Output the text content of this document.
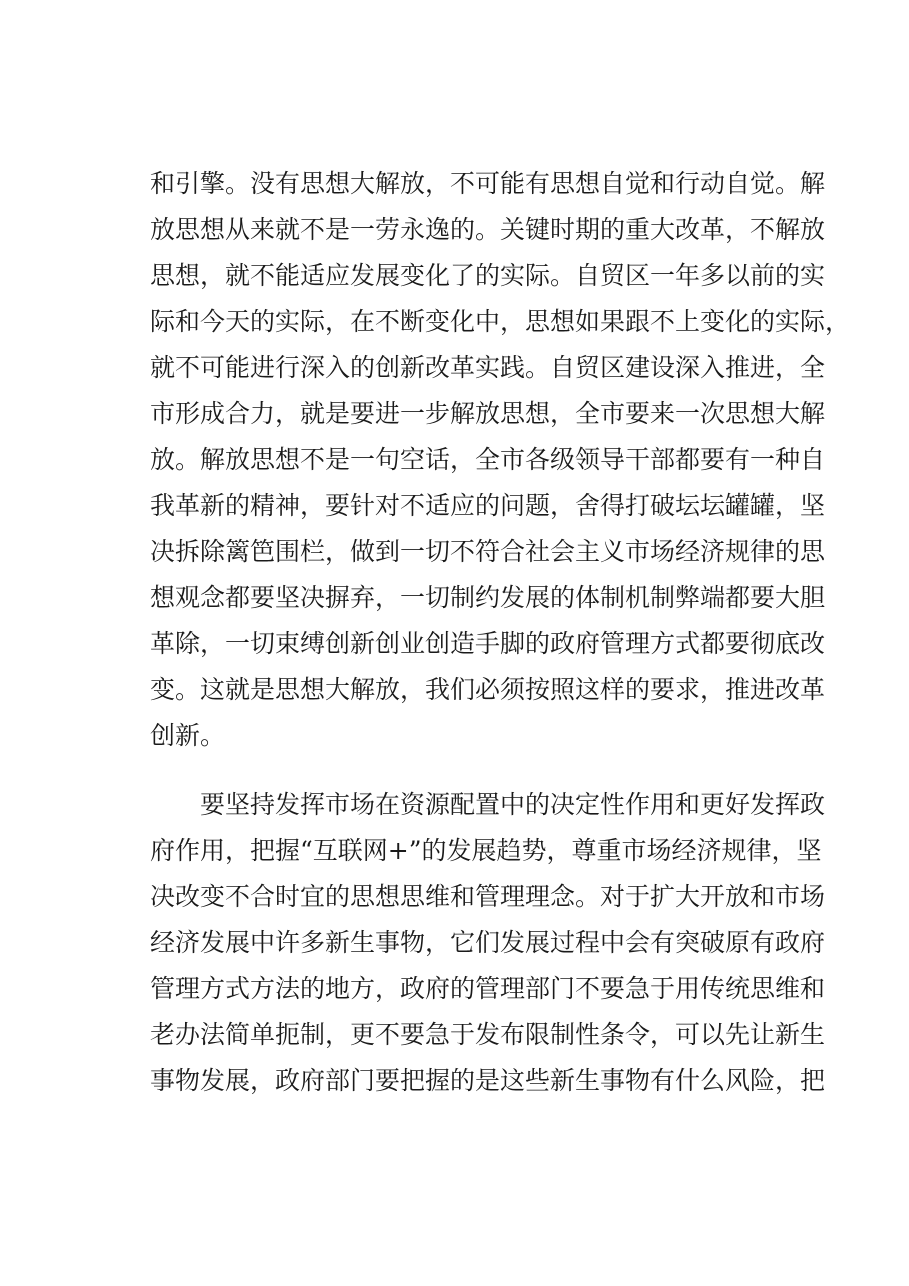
和引擎。没有思想大解放，不可能有思想自觉和行动自觉。解
放思想从来就不是一劳永逸的。关键时期的重大改革，不解放
思想，就不能适应发展变化了的实际。自贸区一年多以前的实
际和今天的实际，在不断变化中，思想如果跟不上变化的实际，
就不可能进行深入的创新改革实践。自贸区建设深入推进，全
市形成合力，就是要进一步解放思想，全市要来一次思想大解
放。解放思想不是一句空话，全市各级领导干部都要有一种自
我革新的精神，要针对不适应的问题，舍得打破坛坛罐罐，坚
决拆除篱笆围栏，做到一切不符合社会主义市场经济规律的思
想观念都要坚决摒弃，一切制约发展的体制机制弊端都要大胆
革除，一切束缚创新创业创造手脚的政府管理方式都要彻底改
变。这就是思想大解放，我们必须按照这样的要求，推进改革
创新。
要坚持发挥市场在资源配置中的决定性作用和更好发挥政
府作用，把握“互联网+”的发展趋势，尊重市场经济规律，坚
决改变不合时宜的思想思维和管理理念。对于扩大开放和市场
经济发展中许多新生事物，它们发展过程中会有突破原有政府
管理方式方法的地方，政府的管理部门不要急于用传统思维和
老办法简单扼制，更不要急于发布限制性条令，可以先让新生
事物发展，政府部门要把握的是这些新生事物有什么风险，把
